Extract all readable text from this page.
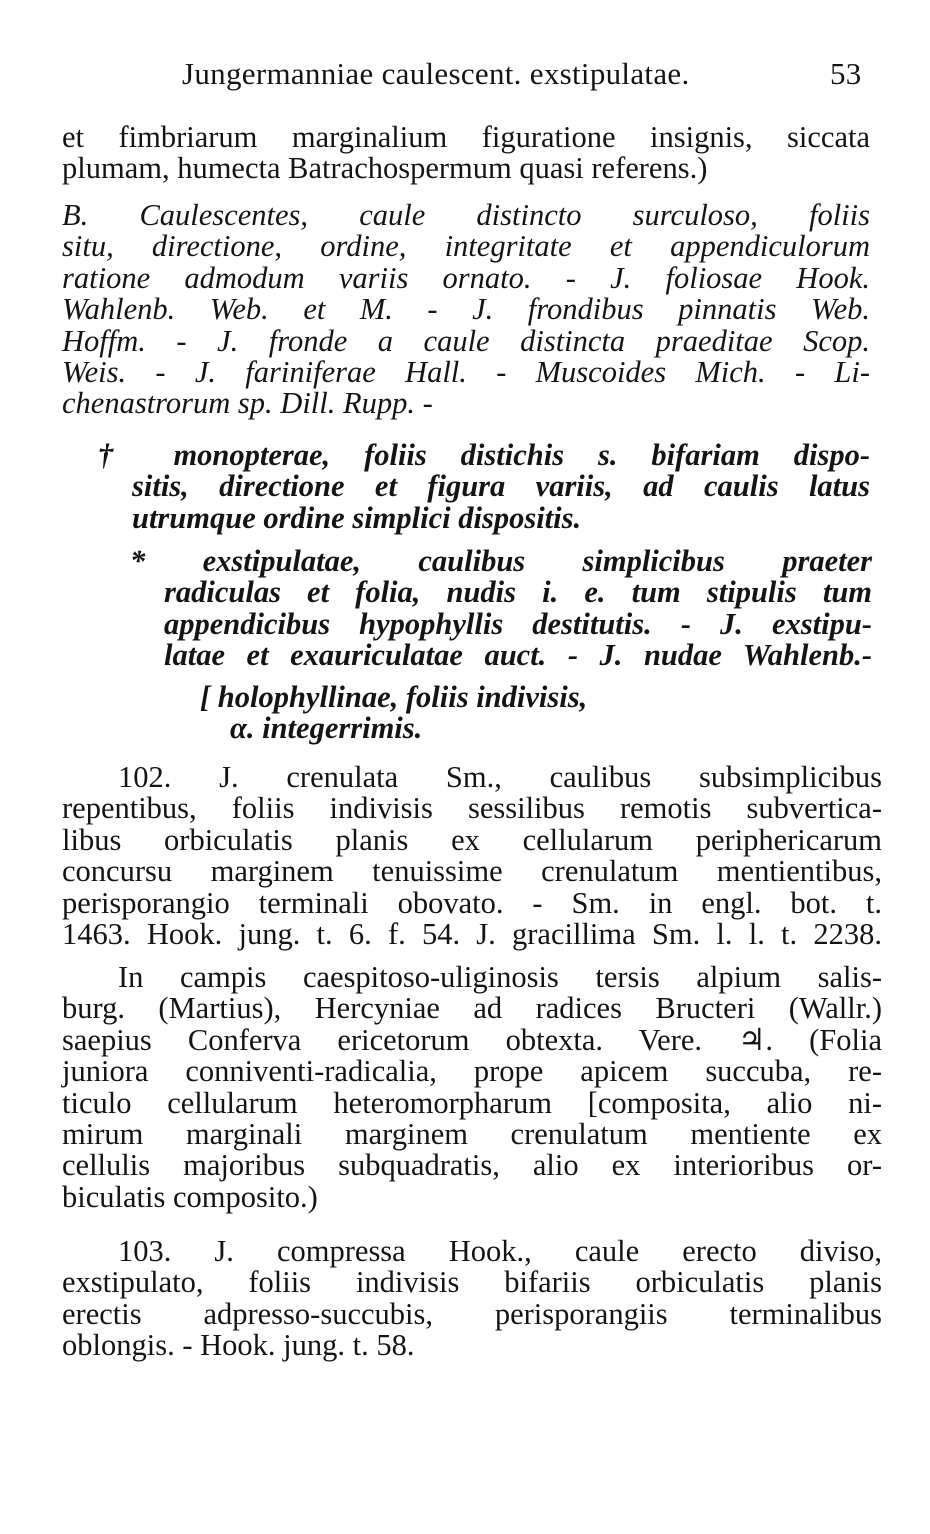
Jungermanniae caulescent. exstipulatae.	53
et fimbriarum marginalium figuratione insignis, siccata
plumam, humecta Batrachospermum quasi referens.)
B. Caulescentes, caule distincto surculoso, foliis
situ, directione, ordine, integritate et appendiculorum
ratione admodum variis ornato. - J. foliosae Hook.
Wahlenb. Web. et M. - J. frondibus pinnatis Web.
Hoffm. - J. fronde a caule distincta praeditae Scop.
Weis. - J. fariniferae Hall. - Muscoides Mich. - Li-
chenastrorum sp. Dill. Rupp. -
† monopterae, foliis distichis s. bifariam dispo-
sitis, directione et figura variis, ad caulis latus
utrumque ordine simplici dispositis.
* exstipulatae, caulibus simplicibus praeter
radiculas et folia, nudis i. e. tum stipulis tum
appendicibus hypophyllis destitutis. - J. exstipu-
latae et exauriculatae auct. - J. nudae Wahlenb.-
[ holophyllinae, foliis indivisis,
α. integerrimis.
102. J. crenulata Sm., caulibus subsimplicibus
repentibus, foliis indivisis sessilibus remotis subvertica-
libus orbiculatis planis ex cellularum periphericarum
concursu marginem tenuissime crenulatum mentientibus,
perisporangio terminali obovato. - Sm. in engl. bot. t.
1463. Hook. jung. t. 6. f. 54. J. gracillima Sm. l. l. t. 2238.
In campis caespitoso-uliginosis tersis alpium salis-
burg. (Martius), Hercyniae ad radices Bructeri (Wallr.)
saepius Conferva ericetorum obtexta. Vere. ♃. (Folia
juniora conniventi-radicalia, prope apicem succuba, re-
ticulo cellularum heteromorpharum [composita, alio ni-
mirum marginali marginem crenulatum mentiente ex
cellulis majoribus subquadratis, alio ex interioribus or-
biculatis composito.)
103. J. compressa Hook., caule erecto diviso,
exstipulato, foliis indivisis bifariis orbiculatis planis
erectis adpresso-succubis, perisporangiis terminalibus
oblongis. - Hook. jung. t. 58.
